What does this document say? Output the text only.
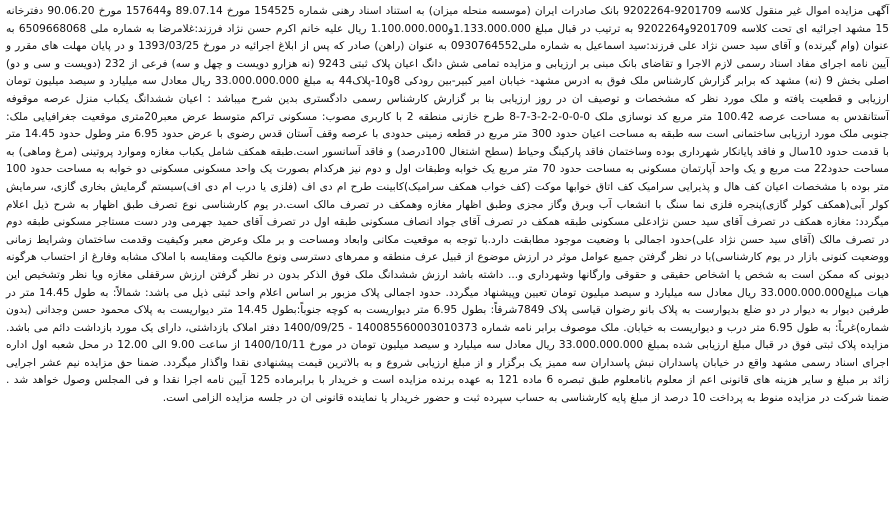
آگهی مزایده اموال غیر منقول کلاسه 9201709-9202264 بانک صادرات ایران (موسسه منحله میزان) به استناد اسناد رهنی شماره 154525 مورخ 89.07.14 و157644 مورخ 90.06.20 دفترخانه 15 مشهد اجرائیه ای تحت کلاسه 9201709و9202264 به ترتیب در قبال مبلغ 1.133.000.000و1.100.000.000 ریال علیه خانم اکرم حسن نژاد فرزند:غلامرضا به شماره ملی 6509668068 به عنوان (وام گیرنده) و آقای سید حسن نژاد علی فرزند:سید اسماعیل به شماره ملی0930764552 به عنوان (راهن) صادر که پس از ابلاغ اجرائیه در مورخ 1393/03/25 و در پایان مهلت های مقرر و آیین نامه اجرای مفاد اسناد رسمی لازم الاجرا و تقاضای بانک مبنی بر ارزیابی و مزایده تمامی شش دانگ اعیان پلاک ثبتی 9243 (نه هزارو دویست و چهل و سه) فرعی از 232 (دویست و سی و دو) اصلی بخش 9 (نه) مشهد که برابر گزارش کارشناس ملک فوق به ادرس مشهد- خیابان امیر کبیر-بین رودکی 8و10-پلاک44 به مبلغ 33.000.000.000 ریال معادل سه میلیارد و سیصد میلیون تومان ارزیابی و قطعیت یافته و ملک مورد نظر که مشخصات و توصیف ان در روز ارزیابی بنا بر گزارش کارشناس رسمی دادگستری بدین شرح میباشد : اعیان ششدانگ یکباب منزل عرصه موقوفه آستانقدس به مساحت عرصه 100.42 متر مربع کد نوسازی ملک 0-0-0-2-2-3-7-8 طرح خازنی منطقه 2 با کاربری مصوب: مسکونی تراکم متوسط عرض معبر20متری موقعیت جغرافیایی ملک: جنوبی ملک مورد ارزیابی ساختمانی است سه طبقه به مساحت اعیان حدود 300 متر مربع در قطعه زمینی حدودی با عرصه وقف آستان قدس رضوی با عرض حدود 6.95 متر وطول حدود 14.45 متر با قدمت حدود 10سال و فاقد پایانکار شهرداری بوده وساختمان فاقد پارکینگ وحیاط (سطح اشتغال 100درصد) و فاقد آسانسور است.طبقه همکف شامل یکباب مغازه وموارد پروتینی (مرغ وماهی) به مساحت حدود22 مت مربع و یک واحد آپارتمان مسکونی به مساحت حدود 70 متر مربع یک خوابه وطبقات اول و دوم نیز هرکدام بصورت یک واحد مسکونی مسکونی دو خوابه به مساحت حدود 100 متر بوده با مشخصات اعیان کف هال و پذیرایی سرامیک کف اتاق خوابها موکت (کف خواب همکف سرامیک)کابینت طرح ام دی اف (فلزی یا درب ام دی اف)سیستم گرمایش بخاری گازی، سرمایش کولر آبی(همکف کولر گازی)پنجره فلزی نما سنگ با انشعاب آب وبرق وگاز مجزی وطبق اظهار مغازه وهمکف در تصرف مالک است.در یوم کارشناسی نوع تصرف طبق اظهار به شرح ذیل اعلام میگردد: مغازه همکف در تصرف آقای سید حسن نژادعلی مسکونی طبقه همکف در تصرف آقای جواد انصاف مسکونی طبقه اول در تصرف آقای حمید جهرمی ودر دست مستاجر مسکونی طبقه دوم در تصرف مالک (آقای سید حسن نژاد علی)حدود اجمالی با وضعیت موجود مطابقت دارد.با توجه به موقعیت مکانی وابعاد ومساحت و بر ملک وعرض معبر وکیفیت وقدمت ساختمان وشرایط زمانی ووضعیت کنونی بازار در یوم کارشناسی)با در نظر گرفتن جمیع عوامل موثر در ارزش موضوع از قبیل عرف منطقه و ممرهای دسترسی ونوع مالکیت ومقایسه با املاک مشابه وفارغ از احتساب هرگونه دیونی که ممکن است به شخص یا اشخاص حقیقی و حقوقی وارگانها وشهرداری و... داشته باشد ارزش ششدانگ ملک فوق الذکر بدون در نظر گرفتن ارزش سرقفلی مغازه ویا نظر وتشخیص این هیات مبلغ33.000.000.000 ریال معادل سه میلیارد و سیصد میلیون تومان تعیین وپیشنهاد میگردد. حدود اجمالی پلاک مزبور بر اساس اعلام واحد ثبتی ذیل می باشد: شمالاً: به طول 14.45 متر در طرفین دیوار به دیوار در دو ضلع بدیوارست به پلاک بانو رضوان قیاسی پلاک 7849شرقاً: بطول 6.95 متر دیواریست به کوچه جنوباً:بطول 14.45 متر دیواریست به پلاک محمود حسن وجدانی (بدون شماره)غرباً: به طول 6.95 متر درب و دیواریست به خیابان. ملک موصوف برابر نامه شماره 140085560003010373 - 1400/09/25 دفتر املاک بازداشتی، دارای یک مورد بازداشت دائم می باشد. مزایده پلاک ثبتی فوق در قبال مبلغ ارزیابی شده بمبلغ 33.000.000.000 ریال معادل سه میلیارد و سیصد میلیون تومان در مورخ 1400/10/11 از ساعت 9.00 الی 12.00 در محل شعبه اول اداره اجرای اسناد رسمی مشهد واقع در خیابان پاسداران نبش پاسداران سه ممیز یک برگزار و از مبلغ ارزیابی شروع و به بالاترین قیمت پیشنهادی نقدا واگذار میگردد. ضمنا حق مزایده نیم عشر اجرایی زائد بر مبلغ و سایر هزینه های قانونی اعم از معلوم بانامعلوم طبق تبصره 6 ماده 121 به عهده برنده مزایده است و خریدار با برابرماده 125 آیین نامه اجرا نقدا و فی المجلس وصول خواهد شد . ضمنا شرکت در مزایده منوط به پرداخت 10 درصد از مبلغ پایه کارشناسی به حساب سپرده ثبت و حضور خریدار یا نماینده قانونی ان در جلسه مزایده الزامی است.
